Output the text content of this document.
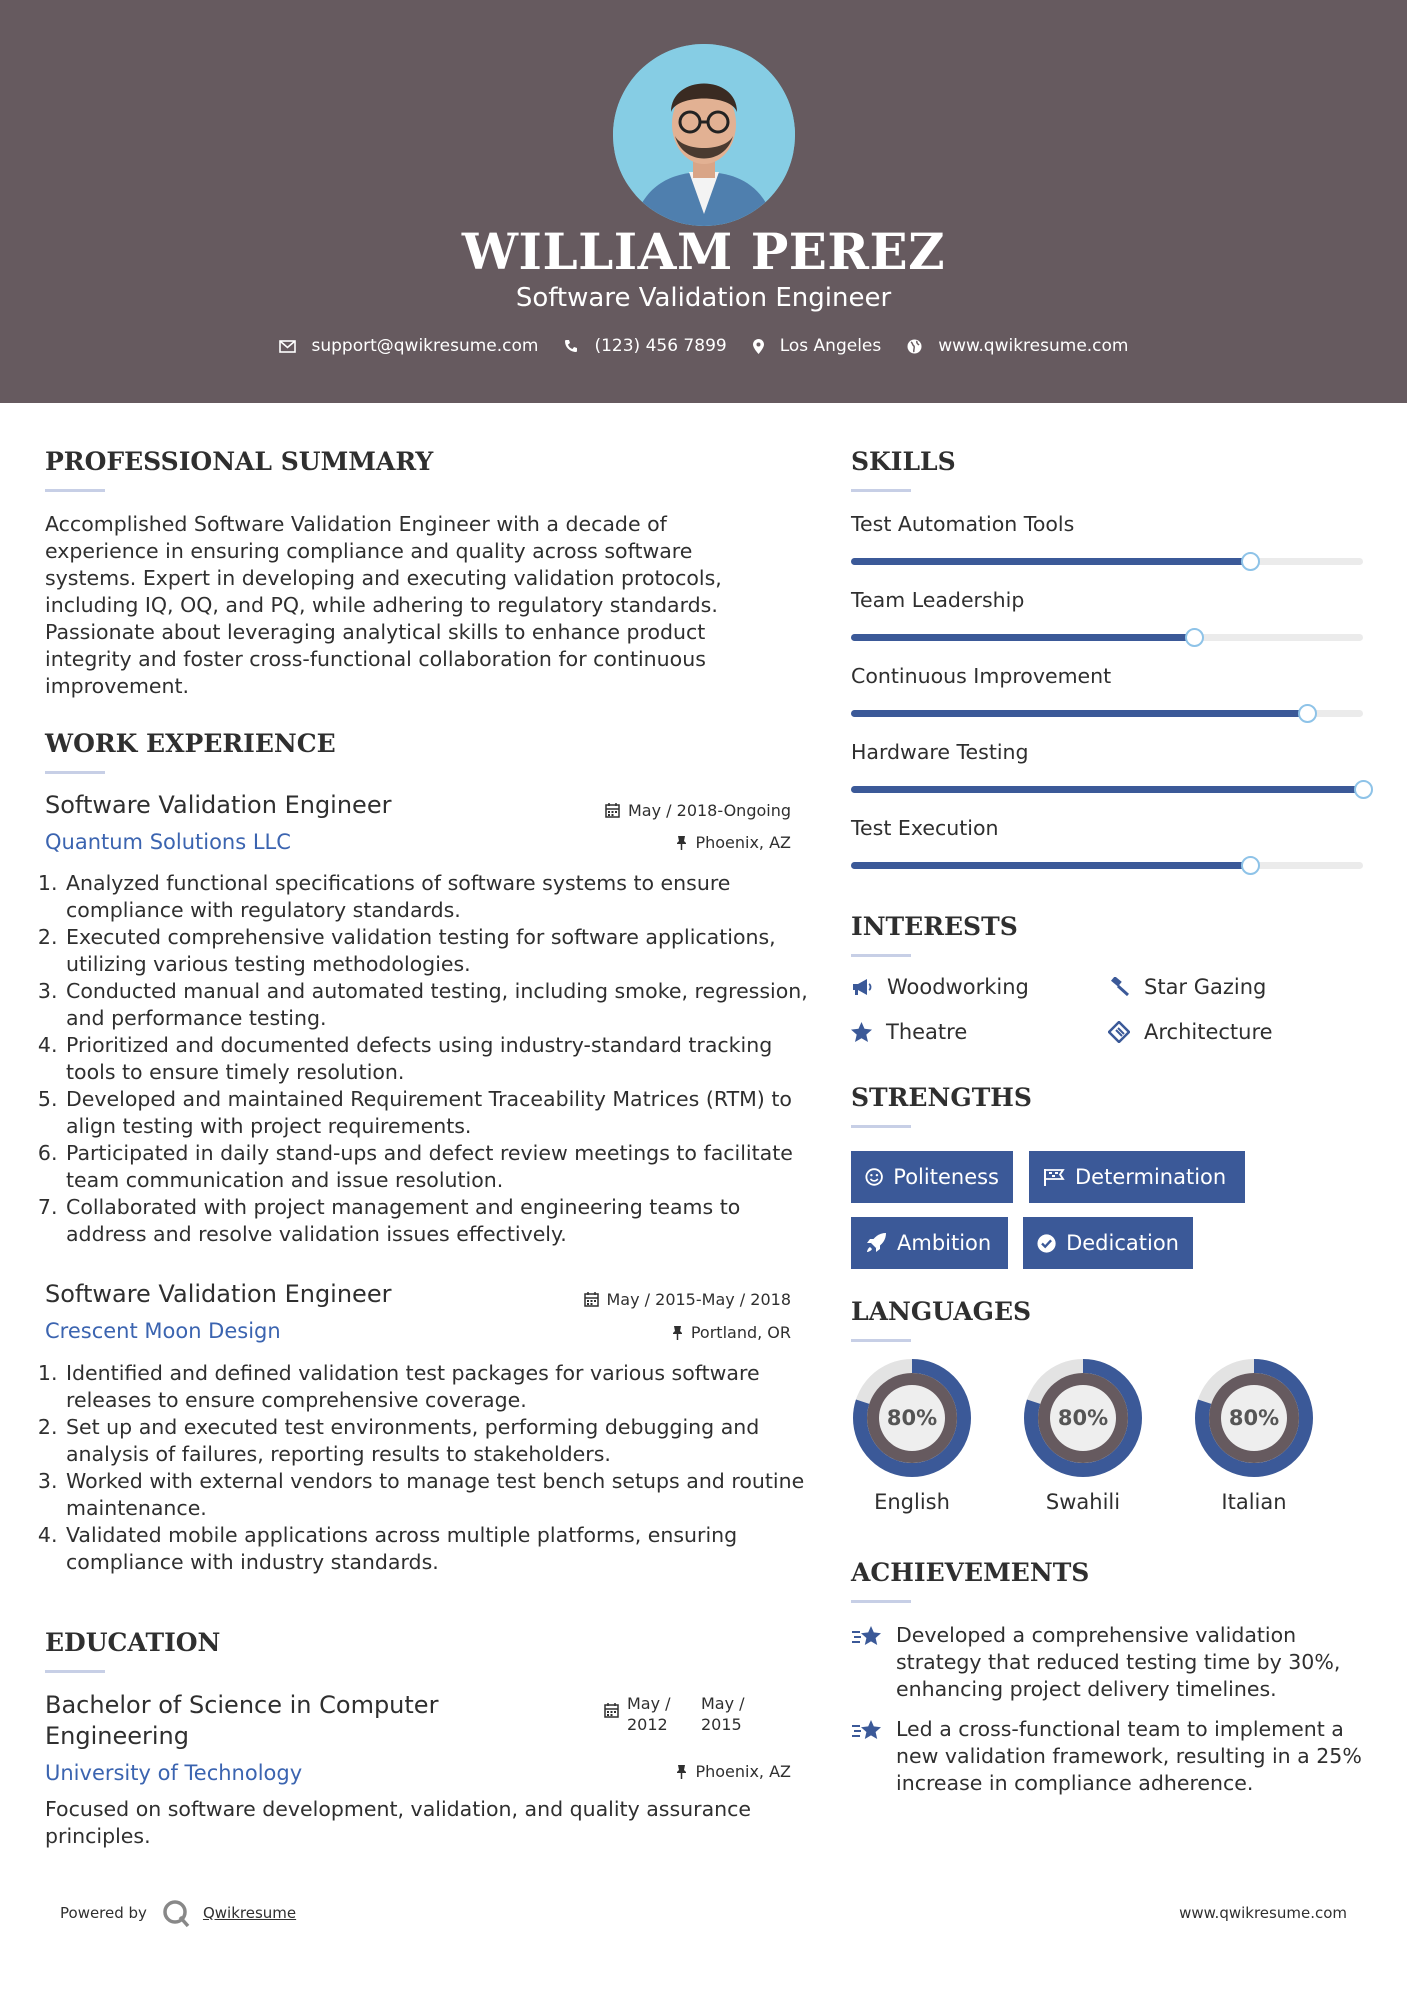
WILLIAM PEREZ
Software Validation Engineer
support@qwikresume.com	(123) 456 7899	Los Angeles	www.qwikresume.com
PROFESSIONAL SUMMARY
Accomplished Software Validation Engineer with a decade of experience in ensuring compliance and quality across software systems. Expert in developing and executing validation protocols, including IQ, OQ, and PQ, while adhering to regulatory standards. Passionate about leveraging analytical skills to enhance product integrity and foster cross-functional collaboration for continuous improvement.
WORK EXPERIENCE
Software Validation Engineer
Quantum Solutions LLC
May / 2018-Ongoing
Phoenix, AZ
1. Analyzed functional specifications of software systems to ensure compliance with regulatory standards.
2. Executed comprehensive validation testing for software applications, utilizing various testing methodologies.
3. Conducted manual and automated testing, including smoke, regression, and performance testing.
4. Prioritized and documented defects using industry-standard tracking tools to ensure timely resolution.
5. Developed and maintained Requirement Traceability Matrices (RTM) to align testing with project requirements.
6. Participated in daily stand-ups and defect review meetings to facilitate team communication and issue resolution.
7. Collaborated with project management and engineering teams to address and resolve validation issues effectively.
Software Validation Engineer
Crescent Moon Design
May / 2015-May / 2018
Portland, OR
1. Identified and defined validation test packages for various software releases to ensure comprehensive coverage.
2. Set up and executed test environments, performing debugging and analysis of failures, reporting results to stakeholders.
3. Worked with external vendors to manage test bench setups and routine maintenance.
4. Validated mobile applications across multiple platforms, ensuring compliance with industry standards.
EDUCATION
Bachelor of Science in Computer Engineering
May / 2012
May / 2015
University of Technology	Phoenix, AZ
Focused on software development, validation, and quality assurance principles.
SKILLS
Test Automation Tools
Team Leadership
Continuous Improvement
Hardware Testing
Test Execution
INTERESTS
Woodworking	Star Gazing
Theatre	Architecture
STRENGTHS
Politeness	Determination
Ambition	Dedication
LANGUAGES
80%
English
80%
Swahili
80%
Italian
ACHIEVEMENTS
Developed a comprehensive validation strategy that reduced testing time by 30%, enhancing project delivery timelines.
Led a cross-functional team to implement a new validation framework, resulting in a 25% increase in compliance adherence.
Powered by	Qwikresume	www.qwikresume.com
